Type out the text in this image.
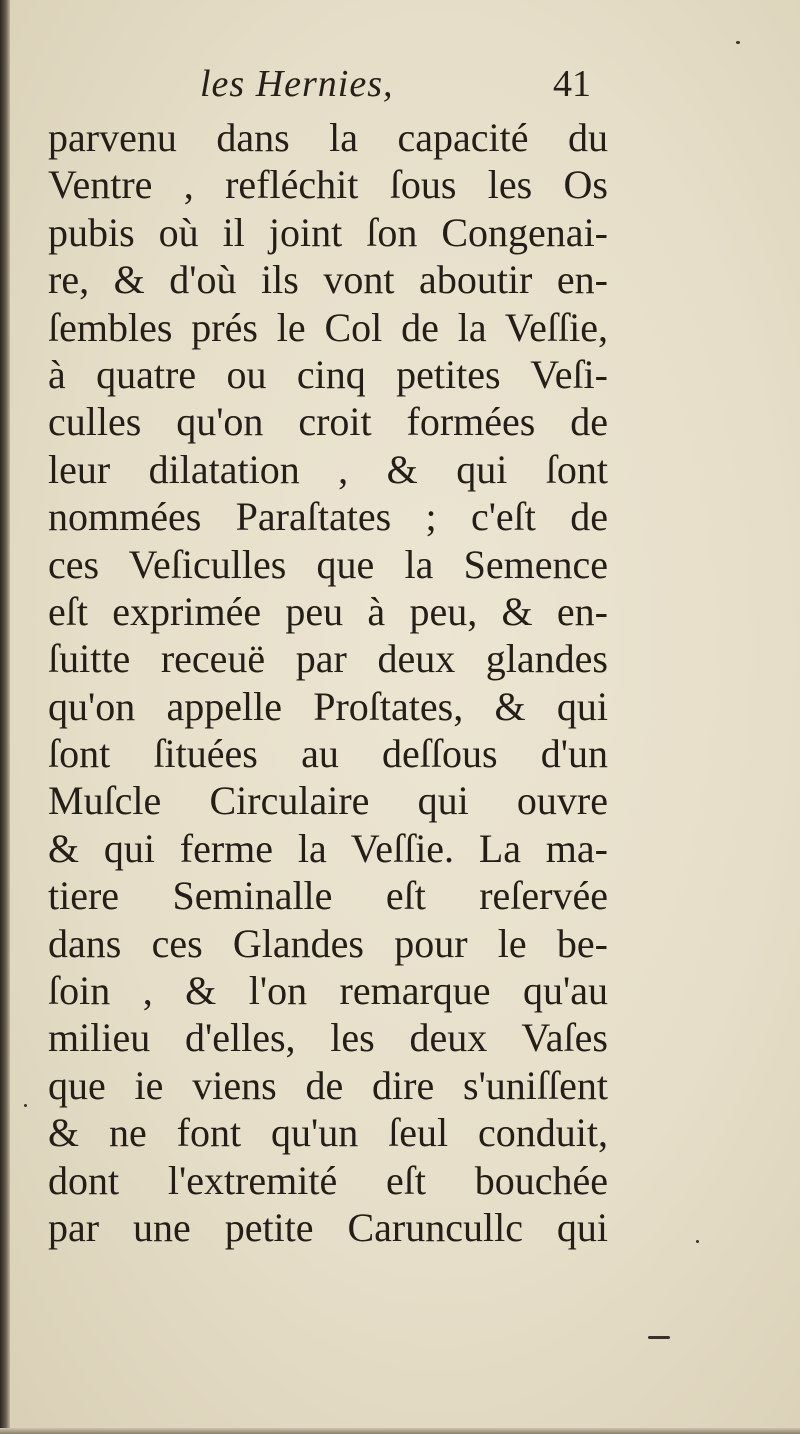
les Hernies,	41
parvenu dans la capacité du
Ventre , refléchit ſous les Os
pubis où il joint ſon Congenai-
re, & d'où ils vont aboutir en-
ſembles prés le Col de la Veſſie,
à quatre ou cinq petites Veſi-
culles qu'on croit formées de
leur dilatation , & qui ſont
nommées Paraſtates ; c'eſt de
ces Veſiculles que la Semence
eſt exprimée peu à peu, & en-
ſuitte receuë par deux glandes
qu'on appelle Proſtates, & qui
ſont ſituées au deſſous d'un
Muſcle Circulaire qui ouvre
& qui ferme la Veſſie. La ma-
tiere Seminalle eſt reſervée
dans ces Glandes pour le be-
ſoin , & l'on remarque qu'au
milieu d'elles, les deux Vaſes
que ie viens de dire s'uniſſent
& ne font qu'un ſeul conduit,
dont l'extremité eſt bouchée
par une petite Caruncullc qui
